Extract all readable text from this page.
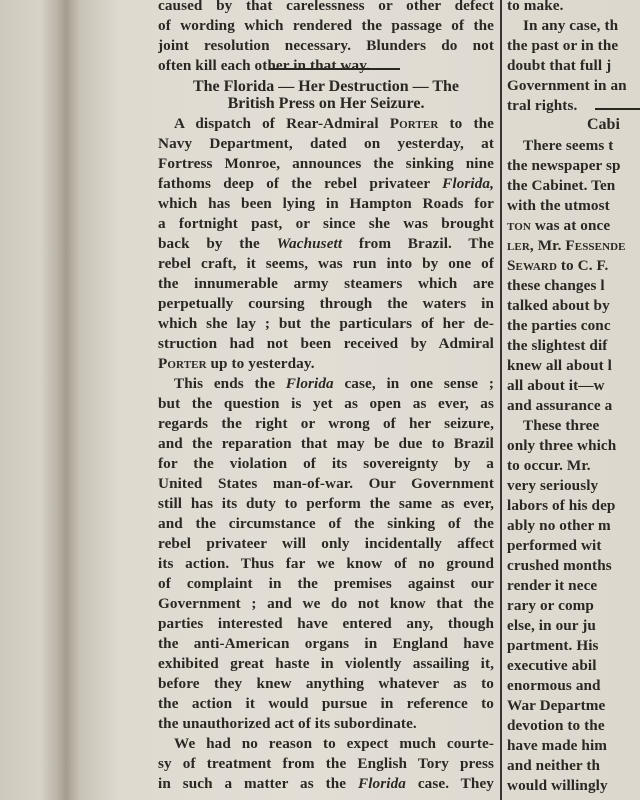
The Florida — Her Destruction — The
British Press on Her Seizure.
caused by that carelessness or other defect
of wording which rendered the passage of the
joint resolution necessary. Blunders do not
often kill each other in that way.
A dispatch of Rear-Admiral Porter to the
Navy Department, dated on yesterday, at
Fortress Monroe, announces the sinking nine
fathoms deep of the rebel privateer Florida,
which has been lying in Hampton Roads for
a fortnight past, or since she was brought
back by the Wachusett from Brazil. The
rebel craft, it seems, was run into by one of
the innumerable army steamers which are
perpetually coursing through the waters in
which she lay ; but the particulars of her de-
struction had not been received by Admiral
Porter up to yesterday.
This ends the Florida case, in one sense ;
but the question is yet as open as ever, as
regards the right or wrong of her seizure,
and the reparation that may be due to Brazil
for the violation of its sovereignty by a
United States man-of-war. Our Government
still has its duty to perform the same as ever,
and the circumstance of the sinking of the
rebel privateer will only incidentally affect
its action. Thus far we know of no ground
of complaint in the premises against our
Government ; and we do not know that the
parties interested have entered any, though
the anti-American organs in England have
exhibited great haste in violently assailing it,
before they knew anything whatever as to
the action it would pursue in reference to
the unauthorized act of its subordinate.
We had no reason to expect much courte-
sy of treatment from the English Tory press
in such a matter as the Florida case. They
Cabi
to make.
In any case, th
the past or in the
doubt that full j
Government in an
tral rights.
There seems t
the newspaper sp
the Cabinet. Ten
with the utmost
ton was at once
ler, Mr. Fessende
Seward to C. F.
these changes l
talked about by
the parties conc
the slightest dif
knew all about l
all about it—w
and assurance a
These three
only three which
to occur. Mr.
very seriously
labors of his dep
ably no other m
performed wit
crushed months
render it nece
rary or comp
else, in our ju
partment. His
executive abil
enormous and
War Departme
devotion to the
have made him
and neither th
would willingly
